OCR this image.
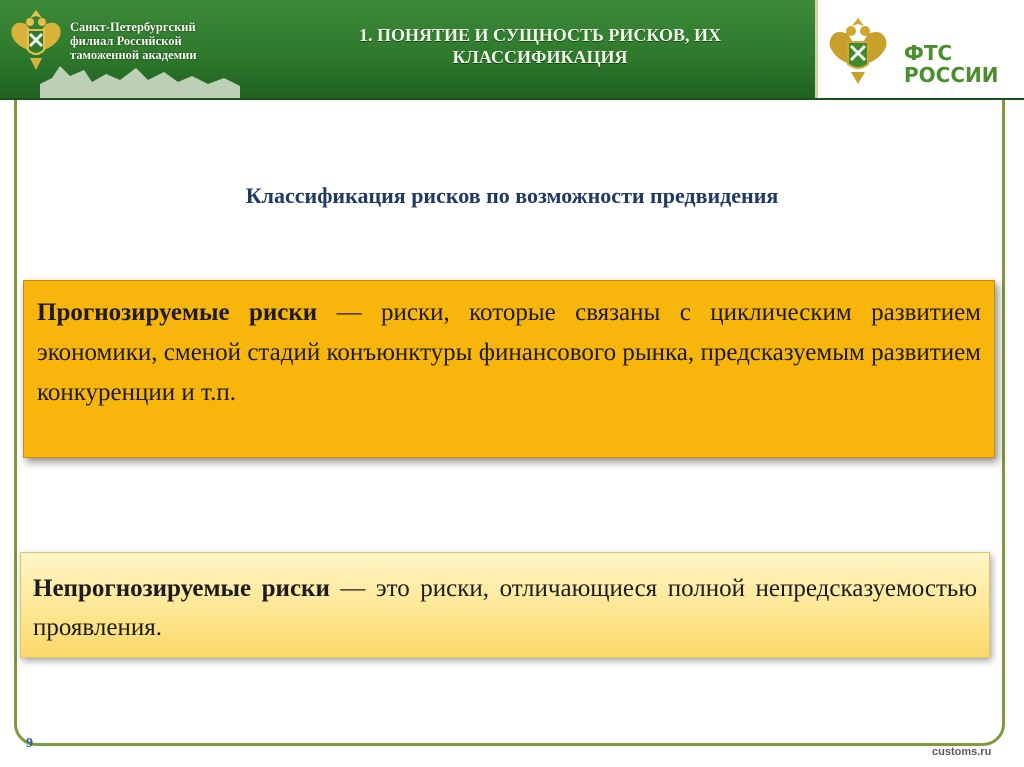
Санкт-Петербургский
филиал Российской
таможенной академии
1. ПОНЯТИЕ И СУЩНОСТЬ РИСКОВ, ИХ
КЛАССИФИКАЦИЯ	ФТС
РОССИИ
Классификация рисков по возможности предвидения
Прогнозируемые риски — риски, которые связаны с циклическим развитием экономики, сменой стадий конъюнктуры финансового рынка, предсказуемым развитием конкуренции и т.п.
Непрогнозируемые риски — это риски, отличающиеся полной непредсказуемостью проявления.
9
customs.ru
